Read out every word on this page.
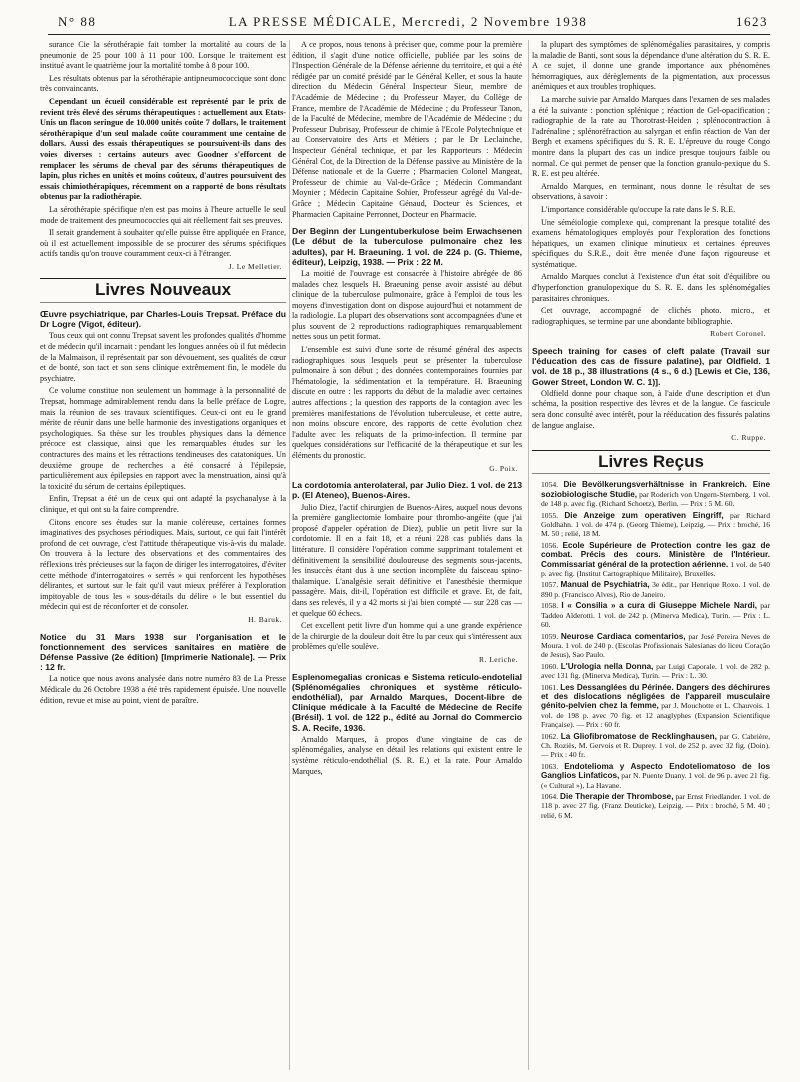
N° 88	LA PRESSE MÉDICALE, Mercredi, 2 Novembre 1938	1623

surance Cie la sérothérapie fait tomber la mortalité au cours de la pneumonie de 25 pour 100 à 11 pour 100. Lorsque le traitement est institué avant le quatrième jour la mortalité tombe à 8 pour 100.

Les résultats obtenus par la sérothérapie antipneumococcique sont donc très convaincants.

Cependant un écueil considérable est représenté par le prix de revient très élevé des sérums thérapeutiques : actuellement aux Etats-Unis un flacon seringue de 10.000 unités coûte 7 dollars, le traitement sérothérapique d'un seul malade coûte couramment une centaine de dollars. Aussi des essais thérapeutiques se poursuivent-ils dans des voies diverses : certains auteurs avec Goodner s'efforcent de remplacer les sérums de cheval par des sérums thérapeutiques de lapin, plus riches en unités et moins coûteux, d'autres poursuivent des essais chimiothérapiques, récemment on a rapporté de bons résultats obtenus par la radiothérapie.

La sérothérapie spécifique n'en est pas moins à l'heure actuelle le seul mode de traitement des pneumococcies qui ait réellement fait ses preuves.

Il serait grandement à souhaiter qu'elle puisse être appliquée en France, où il est actuellement impossible de se procurer des sérums spécifiques actifs tandis qu'on trouve couramment ceux-ci à l'étranger.

J. Le Melletier.
Livres Nouveaux

Œuvre psychiatrique, par Charles-Louis Trepsat. Préface du Dr Logre (Vigot, éditeur).

Tous ceux qui ont connu Trepsat savent les profondes qualités d'homme et de médecin qu'il incarnait : pendant les longues années où il fut médecin de la Malmaison, il représentait par son dévouement, ses qualités de cœur et de bonté, son tact et son sens clinique extrêmement fin, le modèle du psychiatre.

Ce volume constitue non seulement un hommage à la personnalité de Trepsat, hommage admirablement rendu dans la belle préface de Logre, mais la réunion de ses travaux scientifiques. Ceux-ci ont eu le grand mérite de réunir dans une belle harmonie des investigations organiques et psychologiques. Sa thèse sur les troubles physiques dans la démence précoce est classique, ainsi que les remarquables études sur les contractures des mains et les rétractions tendineuses des catatoniques. Un deuxième groupe de recherches a été consacré à l'épilepsie, particulièrement aux épilepsies en rapport avec la menstruation, ainsi qu'à la toxicité du sérum de certains épileptiques.

Enfin, Trepsat a été un de ceux qui ont adapté la psychanalyse à la clinique, et qui ont su la faire comprendre.

Citons encore ses études sur la manie coléreuse, certaines formes imaginatives des psychoses périodiques. Mais, surtout, ce qui fait l'intérêt profond de cet ouvrage, c'est l'attitude thérapeutique vis-à-vis du malade. On trouvera à la lecture des observations et des commentaires des réflexions très précieuses sur la façon de diriger les interrogatoires, d'éviter cette méthode d'interrogatoires « serrés » qui renforcent les hypothèses délirantes, et surtout sur le fait qu'il vaut mieux préférer à l'exploration impitoyable de tous les « sous-détails du délire » le but essentiel du médecin qui est de réconforter et de consoler.

H. Baruk.

Notice du 31 Mars 1938 sur l'organisation et le fonctionnement des services sanitaires en matière de Défense Passive (2e édition) [Imprimerie Nationale]. — Prix : 12 fr.

La notice que nous avons analysée dans notre numéro 83 de La Presse Médicale du 26 Octobre 1938 a été très rapidement épuisée. Une nouvelle édition, revue et mise au point, vient de paraître.

A ce propos, nous tenons à préciser que, comme pour la première édition, il s'agit d'une notice officielle, publiée par les soins de l'Inspection Générale de la Défense aérienne du territoire, et qui a été rédigée par un comité présidé par le Général Keller, et sous la haute direction du Médecin Général Inspecteur Sieur, membre de l'Académie de Médecine ; du Professeur Mayer, du Collège de France, membre de l'Académie de Médecine ; du Professeur Tanon, de la Faculté de Médecine, membre de l'Académie de Médecine ; du Professeur Dubrisay, Professeur de chimie à l'Ecole Polytechnique et au Conservatoire des Arts et Métiers ; par le Dr Leclainche, Inspecteur Général technique, et par les Rapporteurs : Médecin Général Cot, de la Direction de la Défense passive au Ministère de la Défense nationale et de la Guerre ; Pharmacien Colonel Mangeat, Professeur de chimie au Val-de-Grâce ; Médecin Commandant Moynier ; Médecin Capitaine Sohier, Professeur agrégé du Val-de-Grâce ; Médecin Capitaine Génaud, Docteur ès Sciences, et Pharmacien Capitaine Perronnet, Docteur en Pharmacie.

Der Beginn der Lungentuberkulose beim Erwachsenen (Le début de la tuberculose pulmonaire chez les adultes), par H. Braeuning. 1 vol. de 224 p. (G. Thieme, éditeur), Leipzig, 1938. — Prix : 22 M.

La moitié de l'ouvrage est consacrée à l'histoire abrégée de 86 malades chez lesquels H. Braeuning pense avoir assisté au début clinique de la tuberculose pulmonaire, grâce à l'emploi de tous les moyens d'investigation dont on dispose aujourd'hui et notamment de la radiologie. La plupart des observations sont accompagnées d'une et plus souvent de 2 reproductions radiographiques remarquablement nettes sous un petit format.

L'ensemble est suivi d'une sorte de résumé général des aspects radiographiques sous lesquels peut se présenter la tuberculose pulmonaire à son début ; des données contemporaines fournies par l'hématologie, la sédimentation et la température. H. Braeuning discute en outre : les rapports du début de la maladie avec certaines autres affections ; la question des rapports de la contagion avec les premières manifestations de l'évolution tuberculeuse, et cette autre, non moins obscure encore, des rapports de cette évolution chez l'adulte avec les reliquats de la primo-infection. Il termine par quelques considérations sur l'efficacité de la thérapeutique et sur les éléments du pronostic.

G. Poix.

La cordotomia anterolateral, par Julio Diez. 1 vol. de 213 p. (El Ateneo), Buenos-Aires.

Julio Diez, l'actif chirurgien de Buenos-Aires, auquel nous devons la première gangliectomie lombaire pour thrombo-angéite (que j'ai proposé d'appeler opération de Diez), publie un petit livre sur la cordotomie. Il en a fait 18, et a réuni 228 cas publiés dans la littérature. Il considère l'opération comme supprimant totalement et définitivement la sensibilité douloureuse des segments sous-jacents, les insuccès étant dus à une section incomplète du faisceau spino-thalamique. L'analgésie serait définitive et l'anesthésie thermique passagère. Mais, dit-il, l'opération est difficile et grave. Et, de fait, dans ses relevés, il y a 42 morts si j'ai bien compté — sur 228 cas — et quelque 60 échecs.

Cet excellent petit livre d'un homme qui a une grande expérience de la chirurgie de la douleur doit être lu par ceux qui s'intéressent aux problèmes qu'elle soulève.

R. Leriche.

Esplenomegalias cronicas e Sistema reticulo-endotelial (Splénomégalies chroniques et système réticulo-endothélial), par Arnaldo Marques, Docent-libre de Clinique médicale à la Faculté de Médecine de Recife (Brésil). 1 vol. de 122 p., édité au Jornal do Commercio S. A. Recife, 1936.

Arnaldo Marques, à propos d'une vingtaine de cas de splénomégalies, analyse en détail les relations qui existent entre le système réticulo-endothélial (S. R. E.) et la rate. Pour Arnaldo Marques,

la plupart des symptômes de splénomégalies parasitaires, y compris la maladie de Banti, sont sous la dépendance d'une altération du S. R. E. A ce sujet, il donne une grande importance aux phénomènes hémorragiques, aux dérèglements de la pigmentation, aux processus anémiques et aux troubles trophiques.

La marche suivie par Arnaldo Marques dans l'examen de ses malades a été la suivante : ponction splénique ; réaction de Gel-opacification ; radiographie de la rate au Thorotrast-Heiden ; splénocontraction à l'adrénaline ; splénoréfraction au salyrgan et enfin réaction de Van der Bergh et examens spécifiques du S. R. E. L'épreuve du rouge Congo montre dans la plupart des cas un indice presque toujours faible ou normal. Ce qui permet de penser que la fonction granulo-pexique du S. R. E. est peu altérée.

Arnaldo Marques, en terminant, nous donne le résultat de ses observations, à savoir :

L'importance considérable qu'occupe la rate dans le S. R.E.

Une séméiologie complexe qui, comprenant la presque totalité des examens hématologiques employés pour l'exploration des fonctions hépatiques, un examen clinique minutieux et certaines épreuves spécifiques du S.R.E., doit être menée d'une façon rigoureuse et systématique.

Arnaldo Marques conclut à l'existence d'un état soit d'équilibre ou d'hyperfonction granulopexique du S. R. E. dans les splénomégalies parasitaires chroniques.

Cet ouvrage, accompagné de clichés photo. micro., et radiographiques, se termine par une abondante bibliographie.

Robert Coronel.

Speech training for cases of cleft palate (Travail sur l'éducation des cas de fissure palatine), par Oldfield. 1 vol. de 18 p., 38 illustrations (4 s., 6 d.) [Lewis et Cie, 136, Gower Street, London W. C. 1)].

Oldfield donne pour chaque son, à l'aide d'une description et d'un schéma, la position respective des lèvres et de la langue. Ce fascicule sera donc consulté avec intérêt, pour la rééducation des fissurés palatins de langue anglaise.

C. Ruppe.
Livres Reçus

1054. Die Bevölkerungsverhältnisse in Frankreich. Eine soziobiologische Studie, par Roderich von Ungern-Sternberg. 1 vol. de 148 p. avec fig. (Richard Schoetz), Berlin. — Prix : 5 M. 60.

1055. Die Anzeige zum operativen Eingriff, par Richard Goldhahn. 1 vol. de 474 p. (Georg Thieme), Leipzig. — Prix : broché, 16 M. 50 ; relié, 18 M.

1056. Ecole Supérieure de Protection contre les gaz de combat. Précis des cours. Ministère de l'Intérieur. Commissariat général de la protection aérienne. 1 vol. de 540 p. avec fig. (Institut Cartographique Militaire), Bruxelles.

1057. Manual de Psychiatria, 3e édit., par Henrique Roxo. 1 vol. de 890 p. (Francisco Alves), Rio de Janeiro.

1058. I « Consilia » a cura di Giuseppe Michele Nardi, par Taddeo Alderotti. 1 vol. de 242 p. (Minerva Medica), Turin. — Prix : L. 60.

1059. Neurose Cardiaca comentarios, par José Pereira Neves de Moura. 1 vol. de 240 p. (Escolas Profissionais Salesianas do liceu Coração de Jesus), Sao Paulo.

1060. L'Urologia nella Donna, par Luigi Caporale. 1 vol. de 282 p. avec 131 fig. (Minerva Medica), Turin. — Prix : L. 30.

1061. Les Dessanglées du Périnée. Dangers des déchirures et des dislocations négligées de l'appareil musculaire génito-pelvien chez la femme, par J. Mouchotte et L. Chauvois. 1 vol. de 198 p. avec 70 fig. et 12 anaglyphes (Expansion Scientifique Française). — Prix : 60 fr.

1062. La Gliofibromatose de Recklinghausen, par G. Cabrière, Ch. Roziès, M. Gervois et R. Duprey. 1 vol. de 252 p. avec 32 fig. (Doin). — Prix : 40 fr.

1063. Endotelioma y Aspecto Endoteliomatoso de los Ganglios Linfaticos, par N. Puente Duany. 1 vol. de 96 p. avec 21 fig. (« Cultural »), La Havane.

1064. Die Therapie der Thrombose, par Ernst Friedlander. 1 vol. de 118 p. avec 27 fig. (Franz Deuticke), Leipzig. — Prix : broché, 5 M. 40 ; relié, 6 M.
